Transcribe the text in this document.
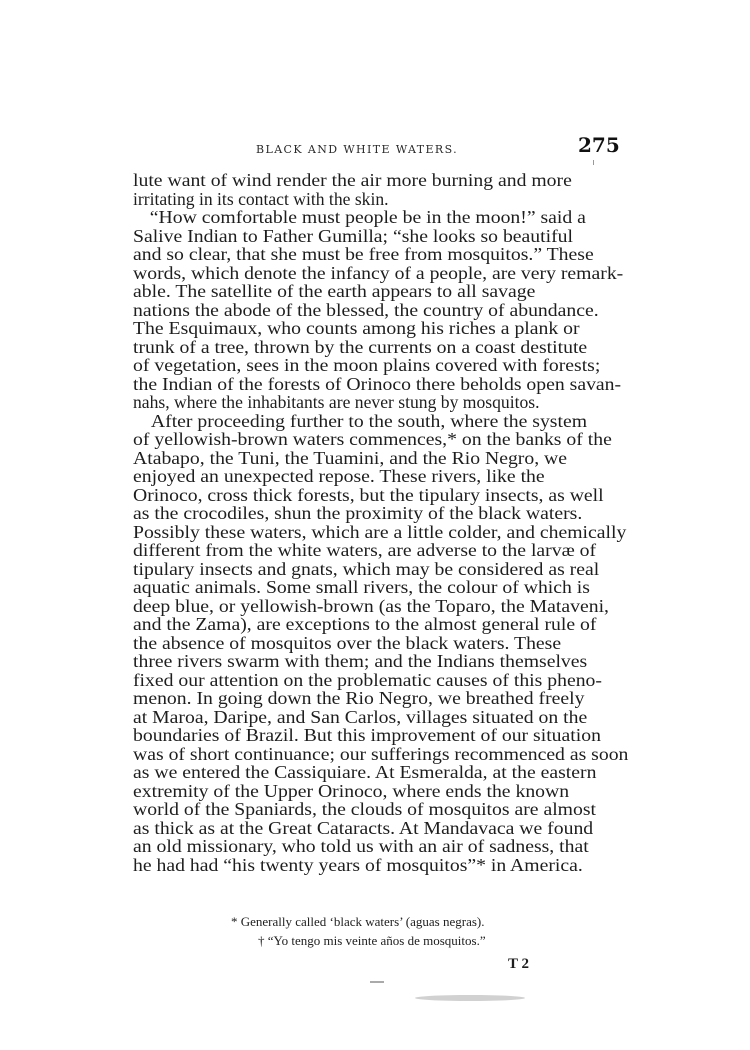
BLACK AND WHITE WATERS.	275
lute want of wind render the air more burning and more
irritating in its contact with the skin.
“How comfortable must people be in the moon!” said a
Salive Indian to Father Gumilla; “she looks so beautiful
and so clear, that she must be free from mosquitos.” These
words, which denote the infancy of a people, are very remark-
able. The satellite of the earth appears to all savage
nations the abode of the blessed, the country of abundance.
The Esquimaux, who counts among his riches a plank or
trunk of a tree, thrown by the currents on a coast destitute
of vegetation, sees in the moon plains covered with forests;
the Indian of the forests of Orinoco there beholds open savan-
nahs, where the inhabitants are never stung by mosquitos.
After proceeding further to the south, where the system
of yellowish-brown waters commences,* on the banks of the
Atabapo, the Tuni, the Tuamini, and the Rio Negro, we
enjoyed an unexpected repose. These rivers, like the
Orinoco, cross thick forests, but the tipulary insects, as well
as the crocodiles, shun the proximity of the black waters.
Possibly these waters, which are a little colder, and chemically
different from the white waters, are adverse to the larvæ of
tipulary insects and gnats, which may be considered as real
aquatic animals. Some small rivers, the colour of which is
deep blue, or yellowish-brown (as the Toparo, the Mataveni,
and the Zama), are exceptions to the almost general rule of
the absence of mosquitos over the black waters. These
three rivers swarm with them; and the Indians themselves
fixed our attention on the problematic causes of this pheno-
menon. In going down the Rio Negro, we breathed freely
at Maroa, Daripe, and San Carlos, villages situated on the
boundaries of Brazil. But this improvement of our situation
was of short continuance; our sufferings recommenced as soon
as we entered the Cassiquiare. At Esmeralda, at the eastern
extremity of the Upper Orinoco, where ends the known
world of the Spaniards, the clouds of mosquitos are almost
as thick as at the Great Cataracts. At Mandavaca we found
an old missionary, who told us with an air of sadness, that
he had had “his twenty years of mosquitos”* in America.
* Generally called ‘black waters’ (aguas negras).
† “Yo tengo mis veinte años de mosquitos.”
T 2
